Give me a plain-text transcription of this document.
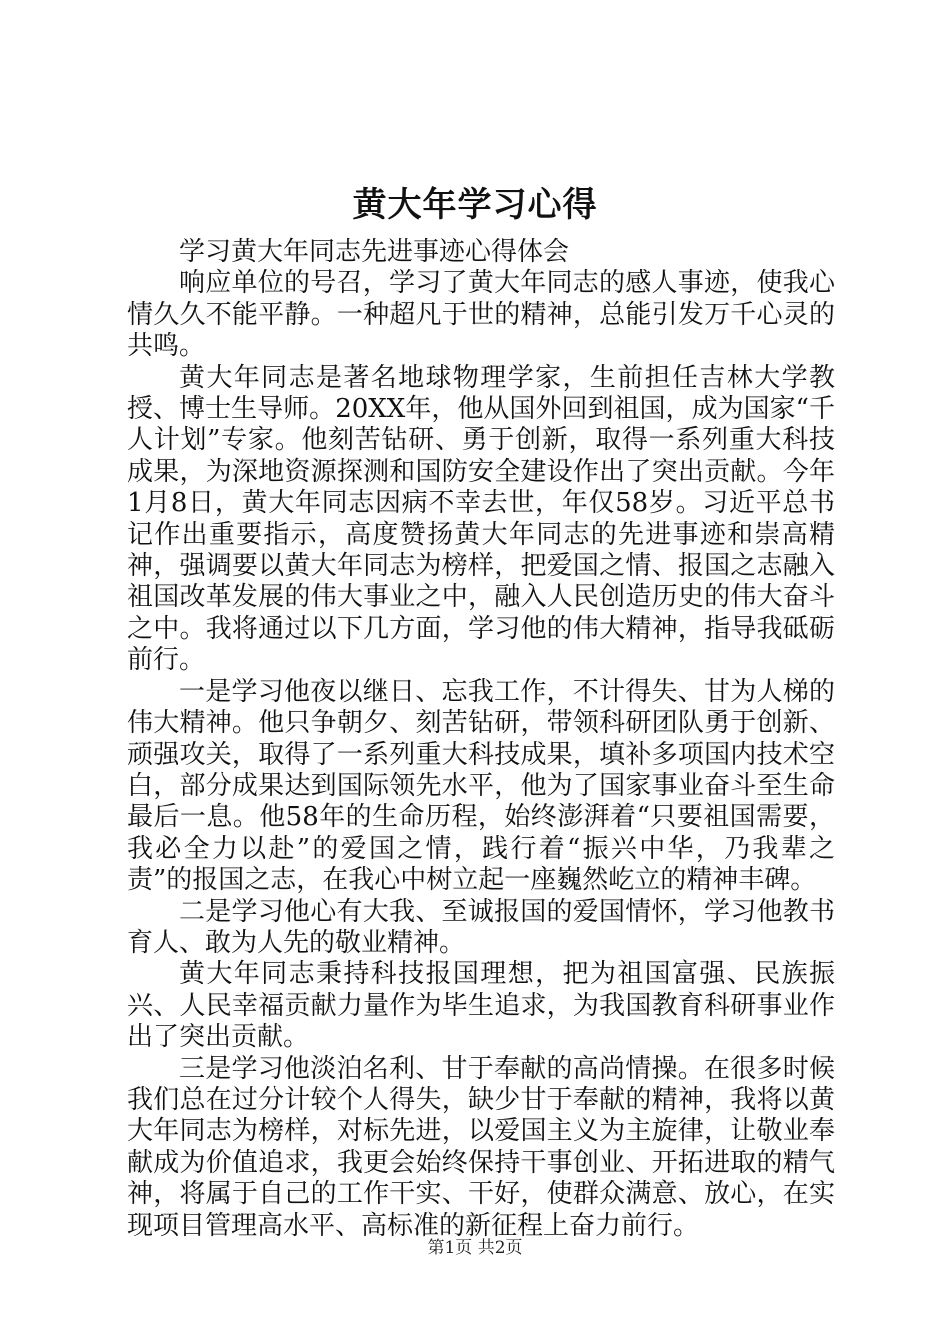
黄大年学习心得

学习黄大年同志先进事迹心得体会

响应单位的号召，学习了黄大年同志的感人事迹，使我心情久久不能平静。一种超凡于世的精神，总能引发万千心灵的共鸣。

黄大年同志是著名地球物理学家，生前担任吉林大学教授、博士生导师。20XX年，他从国外回到祖国，成为国家“千人计划”专家。他刻苦钻研、勇于创新，取得一系列重大科技成果，为深地资源探测和国防安全建设作出了突出贡献。今年1月8日，黄大年同志因病不幸去世，年仅58岁。习近平总书记作出重要指示，高度赞扬黄大年同志的先进事迹和崇高精神，强调要以黄大年同志为榜样，把爱国之情、报国之志融入祖国改革发展的伟大事业之中，融入人民创造历史的伟大奋斗之中。我将通过以下几方面，学习他的伟大精神，指导我砥砺前行。

一是学习他夜以继日、忘我工作，不计得失、甘为人梯的伟大精神。他只争朝夕、刻苦钻研，带领科研团队勇于创新、顽强攻关，取得了一系列重大科技成果，填补多项国内技术空白，部分成果达到国际领先水平，他为了国家事业奋斗至生命最后一息。他58年的生命历程，始终澎湃着“只要祖国需要，我必全力以赴”的爱国之情，践行着“振兴中华，乃我辈之责”的报国之志，在我心中树立起一座巍然屹立的精神丰碑。

二是学习他心有大我、至诚报国的爱国情怀，学习他教书育人、敢为人先的敬业精神。

黄大年同志秉持科技报国理想，把为祖国富强、民族振兴、人民幸福贡献力量作为毕生追求，为我国教育科研事业作出了突出贡献。

三是学习他淡泊名利、甘于奉献的高尚情操。在很多时候我们总在过分计较个人得失，缺少甘于奉献的精神，我将以黄大年同志为榜样，对标先进，以爱国主义为主旋律，让敬业奉献成为价值追求，我更会始终保持干事创业、开拓进取的精气神，将属于自己的工作干实、干好，使群众满意、放心，在实现项目管理高水平、高标准的新征程上奋力前行。

第1页 共2页
